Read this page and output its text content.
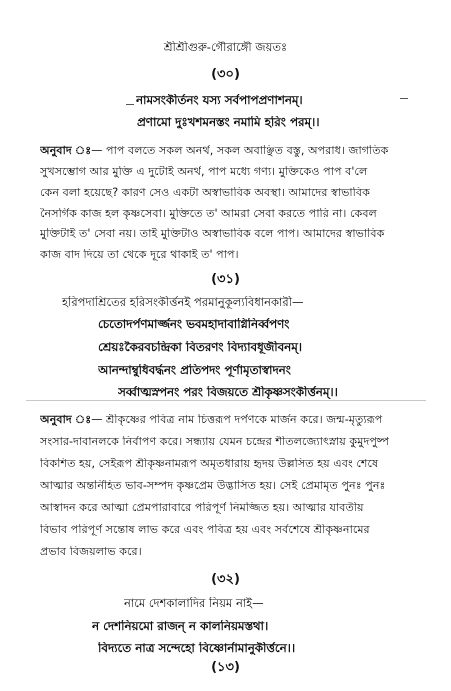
শ্রীশ্রীগুরু-গৌরাঙ্গৌ জয়তঃ
(৩০)
নামসংকীর্তনং যস্য সর্বপাপপ্রণাশনম্।
প্রণামো দুঃখশমনস্তং নমামি হরিং পরম্।।
অনুবাদ ঃ— পাপ বলতে সকল অনর্থ, সকল অবাঞ্ছিত বস্তু, অপরাধ। জাগতিক
সুখসম্ভোগ আর মুক্তি এ দুটোই অনর্থ, পাপ মধ্যে গণ্য। মুক্তিকেও পাপ ব'লে
কেন বলা হয়েছে? কারণ সেও একটা অস্বাভাবিক অবস্থা। আমাদের স্বাভাবিক
নৈসর্গিক কাজ হল কৃষ্ণসেবা। মুক্তিতে ত' আমরা সেবা করতে পারি না। কেবল
মুক্তিটাই ত' সেবা নয়। তাই মুক্তিটাও অস্বাভাবিক বলে পাপ। আমাদের স্বাভাবিক
কাজ বাদ দিয়ে তা থেকে দূরে থাকাই ত' পাপ।
(৩১)
হরিপদাশ্রিতের হরিসংকীর্ত্তনই পরমানুকূল্যবিধানকারী—
চেতোদর্পণমার্জ্জনং ভবমহাদাবাগ্নিনির্ব্বপণং
শ্রেয়ঃকৈরবচন্দ্রিকা বিতরণং বিদ্যাবধূজীবনম্।
আনন্দাম্বুধিবর্দ্ধনং প্রতিপদং পূর্ণামৃতাস্বাদনং
সর্ব্বাত্মস্নপনং পরং বিজয়তে শ্রীকৃষ্ণসংকীর্ত্তনম্।।
অনুবাদ ঃ— শ্রীকৃষ্ণের পবিত্র নাম চিত্তরূপ দর্পণকে মার্জন করে। জন্ম-মৃত্যুরূপ
সংসার-দাবানলকে নির্বাপণ করে। সন্ধ্যায় যেমন চন্দ্রের শীতলজ্যোৎস্নায় কুমুদপুষ্প
বিকশিত হয়, সেইরূপ শ্রীকৃষ্ণনামরূপ অমৃতধারায় হৃদয় উল্লসিত হয় এবং শেষে
আত্মার অন্তর্নিহিত ভাব-সম্পদ কৃষ্ণপ্রেম উদ্ভাসিত হয়। সেই প্রেমামৃত পুনঃ পুনঃ
আস্বাদন করে আত্মা প্রেমপারাবারে পরিপূর্ণ নিমজ্জিত হয়। আত্মার যাবতীয়
বিভাব পরিপূর্ণ সন্তোষ লাভ করে এবং পবিত্র হয় এবং সর্বশেষে শ্রীকৃষ্ণনামের
প্রভাব বিজয়লাভ করে।
(৩২)
নামে দেশকালাদির নিয়ম নাই—
ন দেশনিয়মো রাজন্ ন কালনিয়মস্তথা।
বিদ্যতে নাত্র সন্দেহো বিষ্ণোর্নামানুকীর্ত্তনে।।
(১৩)
